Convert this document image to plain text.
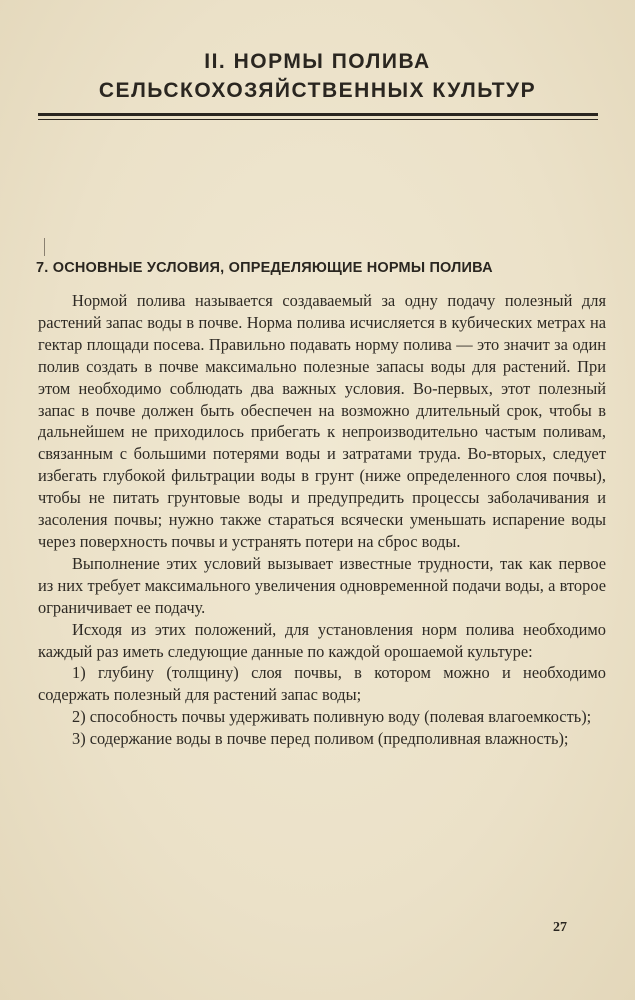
II. НОРМЫ ПОЛИВА
СЕЛЬСКОХОЗЯЙСТВЕННЫХ КУЛЬТУР
7. ОСНОВНЫЕ УСЛОВИЯ, ОПРЕДЕЛЯЮЩИЕ НОРМЫ ПОЛИВА

Нормой полива называется создаваемый за одну подачу полезный для растений запас воды в почве. Норма полива исчисляется в кубических метрах на гектар площади посева. Правильно подавать норму полива — это значит за один полив создать в почве максимально полезные запасы воды для растений. При этом необходимо соблюдать два важных условия. Во-первых, этот полезный запас в почве должен быть обеспечен на возможно длительный срок, чтобы в дальнейшем не приходилось прибегать к непроизводительно частым поливам, связанным с большими потерями воды и затратами труда. Во-вторых, следует избегать глубокой фильтрации воды в грунт (ниже определенного слоя почвы), чтобы не питать грунтовые воды и предупредить процессы заболачивания и засоления почвы; нужно также стараться всячески уменьшать испарение воды через поверхность почвы и устранять потери на сброс воды.

Выполнение этих условий вызывает известные трудности, так как первое из них требует максимального увеличения одновременной подачи воды, а второе ограничивает ее подачу.

Исходя из этих положений, для установления норм полива необходимо каждый раз иметь следующие данные по каждой орошаемой культуре:

1) глубину (толщину) слоя почвы, в котором можно и необходимо содержать полезный для растений запас воды;

2) способность почвы удерживать поливную воду (полевая влагоемкость);

3) содержание воды в почве перед поливом (предполивная влажность);

27
